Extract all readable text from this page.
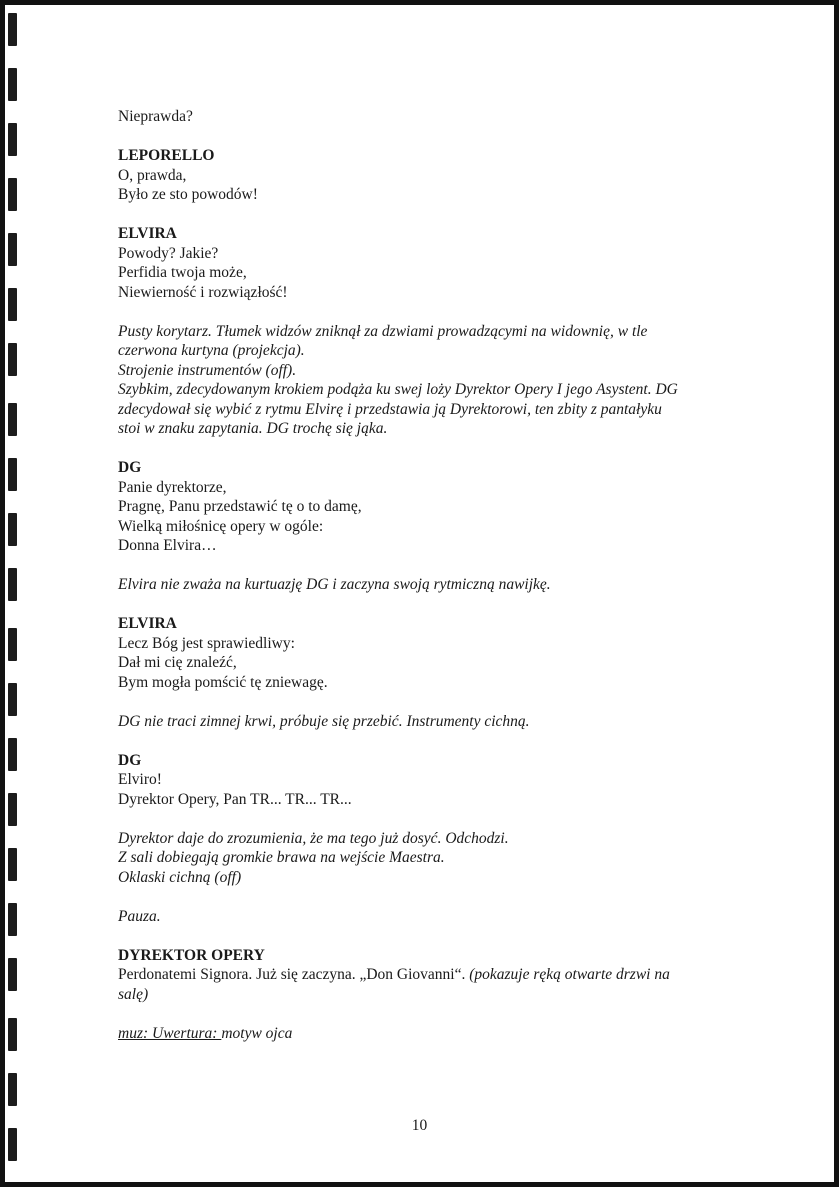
Nieprawda?
LEPORELLO
O, prawda,
Było ze sto powodów!
ELVIRA
Powody? Jakie?
Perfidia twoja może,
Niewierność i rozwiązłość!
Pusty korytarz. Tłumek widzów zniknął za dzwiami prowadzącymi na widownię, w tle
czerwona kurtyna (projekcja).
Strojenie instrumentów (off).
Szybkim, zdecydowanym krokiem podąża ku swej loży Dyrektor Opery I jego Asystent. DG
zdecydował się wybić z rytmu Elvirę i przedstawia ją Dyrektorowi, ten zbity z pantałyku
stoi w znaku zapytania. DG trochę się jąka.
DG
Panie dyrektorze,
Pragnę, Panu przedstawić tę o to damę,
Wielką miłośnicę opery w ogóle:
Donna Elvira…
Elvira nie zważa na kurtuazję DG i zaczyna swoją rytmiczną nawijkę.
ELVIRA
Lecz Bóg jest sprawiedliwy:
Dał mi cię znaleźć,
Bym mogła pomścić tę zniewagę.
DG nie traci zimnej krwi, próbuje się przebić. Instrumenty cichną.
DG
Elviro!
Dyrektor Opery, Pan TR... TR... TR...
Dyrektor daje do zrozumienia, że ma tego już dosyć. Odchodzi.
Z sali dobiegają gromkie brawa na wejście Maestra.
Oklaski cichną (off)
Pauza.
DYREKTOR OPERY
Perdonatemi Signora. Już się zaczyna. „Don Giovanni“. (pokazuje ręką otwarte drzwi na
salę)
muz: Uwertura: motyw ojca
10
